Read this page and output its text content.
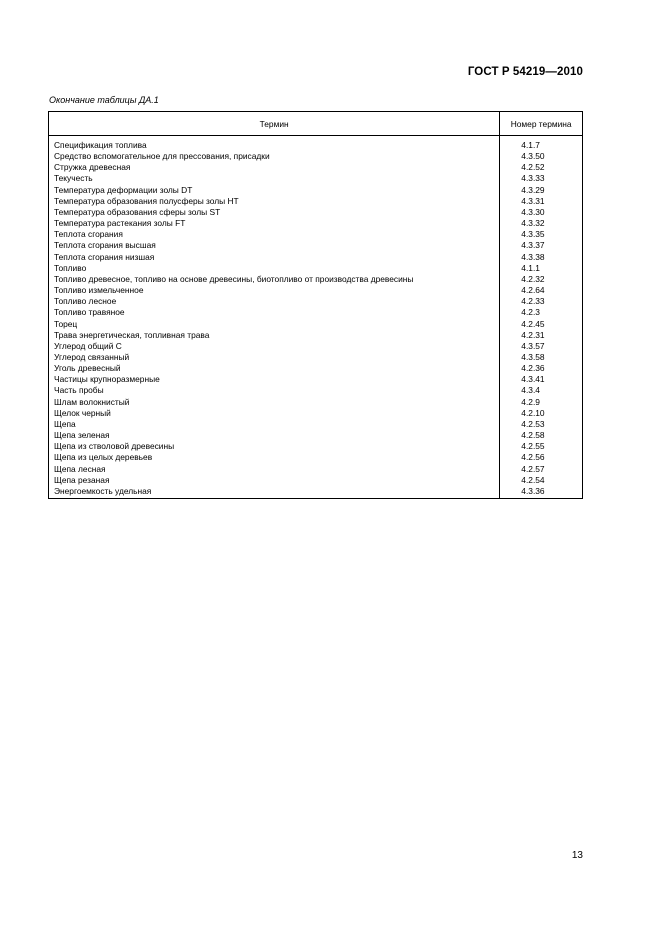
ГОСТ Р 54219—2010
Окончание таблицы ДА.1
Термин	Номер термина
Спецификация топлива	4.1.7
Средство вспомогательное для прессования, присадки	4.3.50
Стружка древесная	4.2.52
Текучесть	4.3.33
Температура деформации золы DT	4.3.29
Температура образования полусферы золы HT	4.3.31
Температура образования сферы золы ST	4.3.30
Температура растекания золы FT	4.3.32
Теплота сгорания	4.3.35
Теплота сгорания высшая	4.3.37
Теплота сгорания низшая	4.3.38
Топливо	4.1.1
Топливо древесное, топливо на основе древесины, биотопливо от производства древесины	4.2.32
Топливо измельченное	4.2.64
Топливо лесное	4.2.33
Топливо травяное	4.2.3
Торец	4.2.45
Трава энергетическая, топливная трава	4.2.31
Углерод общий C	4.3.57
Углерод связанный	4.3.58
Уголь древесный	4.2.36
Частицы крупноразмерные	4.3.41
Часть пробы	4.3.4
Шлам волокнистый	4.2.9
Щелок черный	4.2.10
Щепа	4.2.53
Щепа зеленая	4.2.58
Щепа из стволовой древесины	4.2.55
Щепа из целых деревьев	4.2.56
Щепа лесная	4.2.57
Щепа резаная	4.2.54
Энергоемкость удельная	4.3.36
13
